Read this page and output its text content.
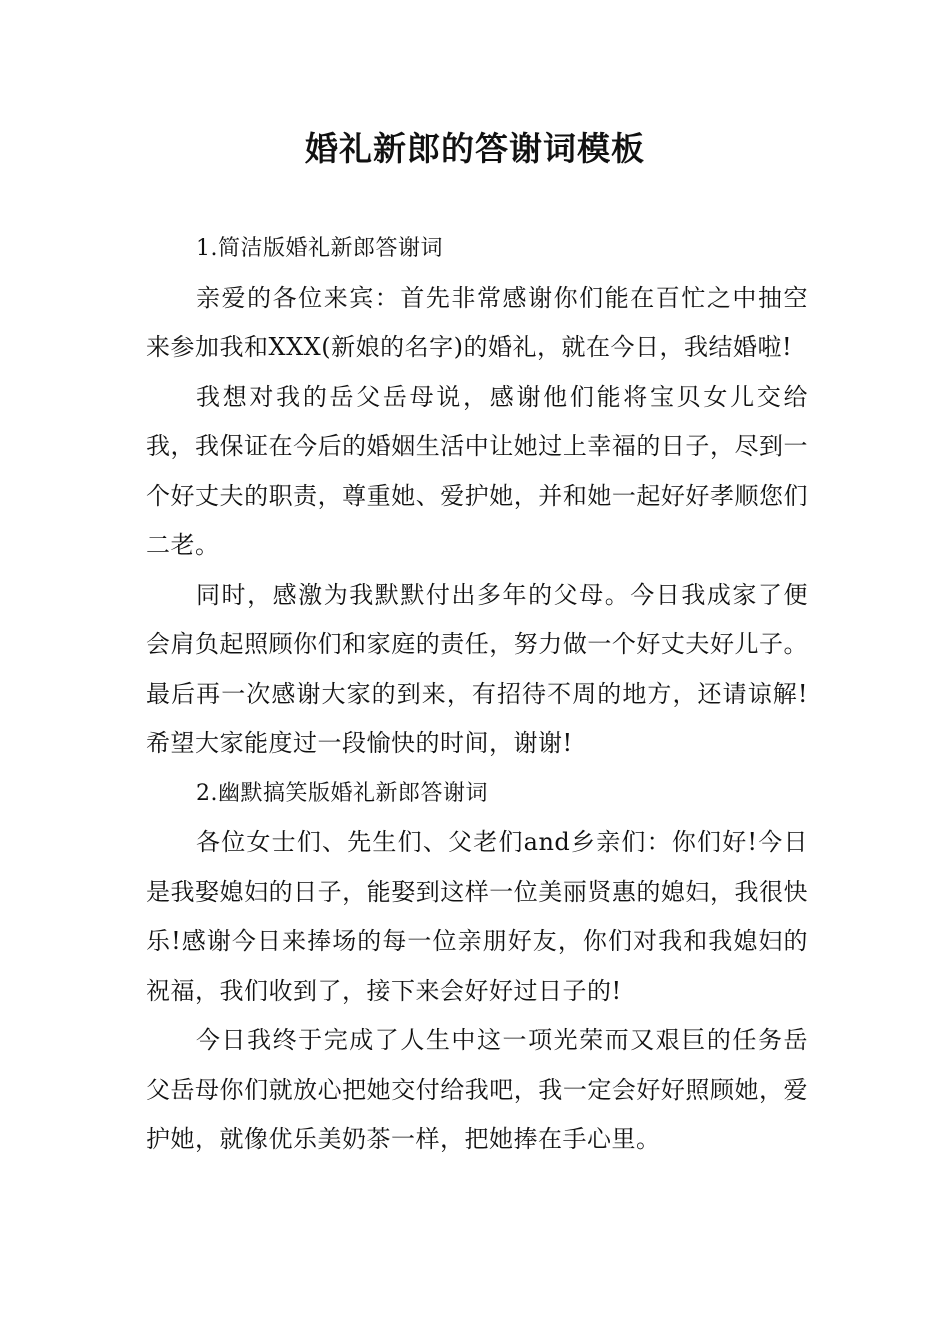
婚礼新郎的答谢词模板

1.简洁版婚礼新郎答谢词

亲爱的各位来宾：首先非常感谢你们能在百忙之中抽空来参加我和XXX(新娘的名字)的婚礼，就在今日，我结婚啦!

我想对我的岳父岳母说，感谢他们能将宝贝女儿交给我，我保证在今后的婚姻生活中让她过上幸福的日子，尽到一个好丈夫的职责，尊重她、爱护她，并和她一起好好孝顺您们二老。

同时，感激为我默默付出多年的父母。今日我成家了便会肩负起照顾你们和家庭的责任，努力做一个好丈夫好儿子。最后再一次感谢大家的到来，有招待不周的地方，还请谅解!希望大家能度过一段愉快的时间，谢谢!

2.幽默搞笑版婚礼新郎答谢词

各位女士们、先生们、父老们and乡亲们：你们好!今日是我娶媳妇的日子，能娶到这样一位美丽贤惠的媳妇，我很快乐!感谢今日来捧场的每一位亲朋好友，你们对我和我媳妇的祝福，我们收到了，接下来会好好过日子的!

今日我终于完成了人生中这一项光荣而又艰巨的任务岳父岳母你们就放心把她交付给我吧，我一定会好好照顾她，爱护她，就像优乐美奶茶一样，把她捧在手心里。
